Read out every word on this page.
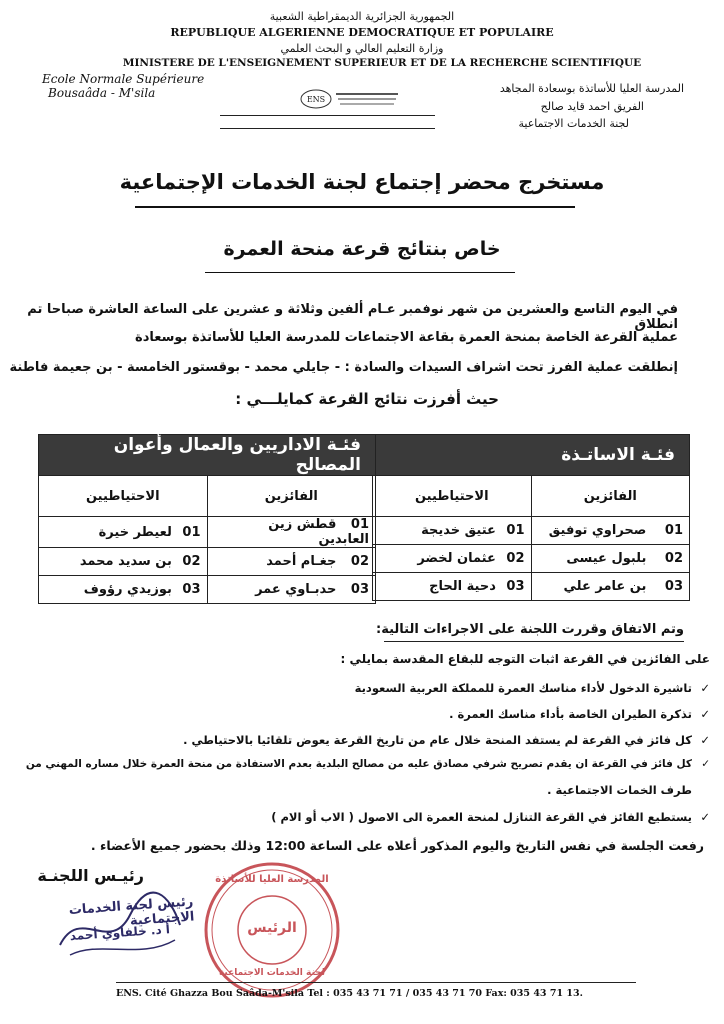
الجمهورية الجزائرية الديمقراطية الشعبية
REPUBLIQUE ALGERIENNE DEMOCRATIQUE ET POPULAIRE
وزارة التعليم العالي و البحث العلمي
MINISTERE DE L'ENSEIGNEMENT SUPERIEUR ET DE LA RECHERCHE SCIENTIFIQUE
Ecole Normale Supérieure
Bousaâda - M'sila	المدرسة العليا للأساتذة بوسعادة المجاهد
الفريق احمد قايد صالح
لجنة الخدمات الاجتماعية
ENS
مستخرج محضر إجتماع لجنة الخدمات الإجتماعية
خاص بنتائج قرعة منحة العمرة
في اليوم التاسع والعشرين من شهر نوفمبر عـام ألفين وثلاثة و عشرين على الساعة العاشرة صباحا تم انطلاق
عملية القرعة الخاصة بمنحة العمرة بقاعة الاجتماعات للمدرسة العليا للأساتذة بوسعادة
إنطلقت عملية الفرز تحت اشراف السيدات والسادة : - جايلي محمد - بوقستور الخامسة - بن جعيمة فاطنة
حيث أفرزت نتائج القرعة كمايلـــي :
فئـة الاساتـذة	
الفائزين	الاحتياطيين
01 صحراوي توفيق	01 عتيق خديجة
02 بلبول عيسى	02 عثمان لخضر
03 بن عامر علي	03 دحية الحاج
فئـة الاداريين والعمال وأعوان المصالح	
الفائزين	الاحتياطيين
01 قطش زين العابدين	01 لعيطر خيرة
02 جغـام أحمد	02 بن سديد محمد
03 حدبـاوي عمر	03 بوزيدي رؤوف
وتم الاتفاق وقررت اللجنة على الاجراءات التالية:
على الفائزين في القرعة اثبات التوجه للبقاع المقدسة بمايلي :
✓تاشيرة الدخول لأداء مناسك العمرة للمملكة العربية السعودية
✓تذكرة الطيران الخاصة بأداء مناسك العمرة .
✓كل فائز في القرعة لم يستفد المنحة خلال عام من تاريخ القرعة يعوض تلقائيا بالاحتياطي .
✓كل فائز في القرعة ان يقدم تصريح شرفي مصادق عليه من مصالح البلدية بعدم الاستفادة من منحة العمرة خلال مساره المهني من
طرف الخمات الاجتماعية .
✓يستطيع الفائز في القرعة التنازل لمنحة العمرة الى الاصول ( الاب أو الام )
رفعت الجلسة في نفس التاريخ واليوم المذكور أعلاه على الساعة 12:00 وذلك بحضور جميع الأعضاء .
رئيـس اللجنـة
رئيس لجنة الخدمات الاجتماعية
أ د. خلفاوي أحمد
المدرسة العليا للأساتذة
الرئيس
لجنة الخدمات الاجتماعية
ENS. Cité Ghazza Bou Saâda-M'sila Tel : 035 43 71 71 / 035 43 71 70 Fax: 035 43 71 13.
